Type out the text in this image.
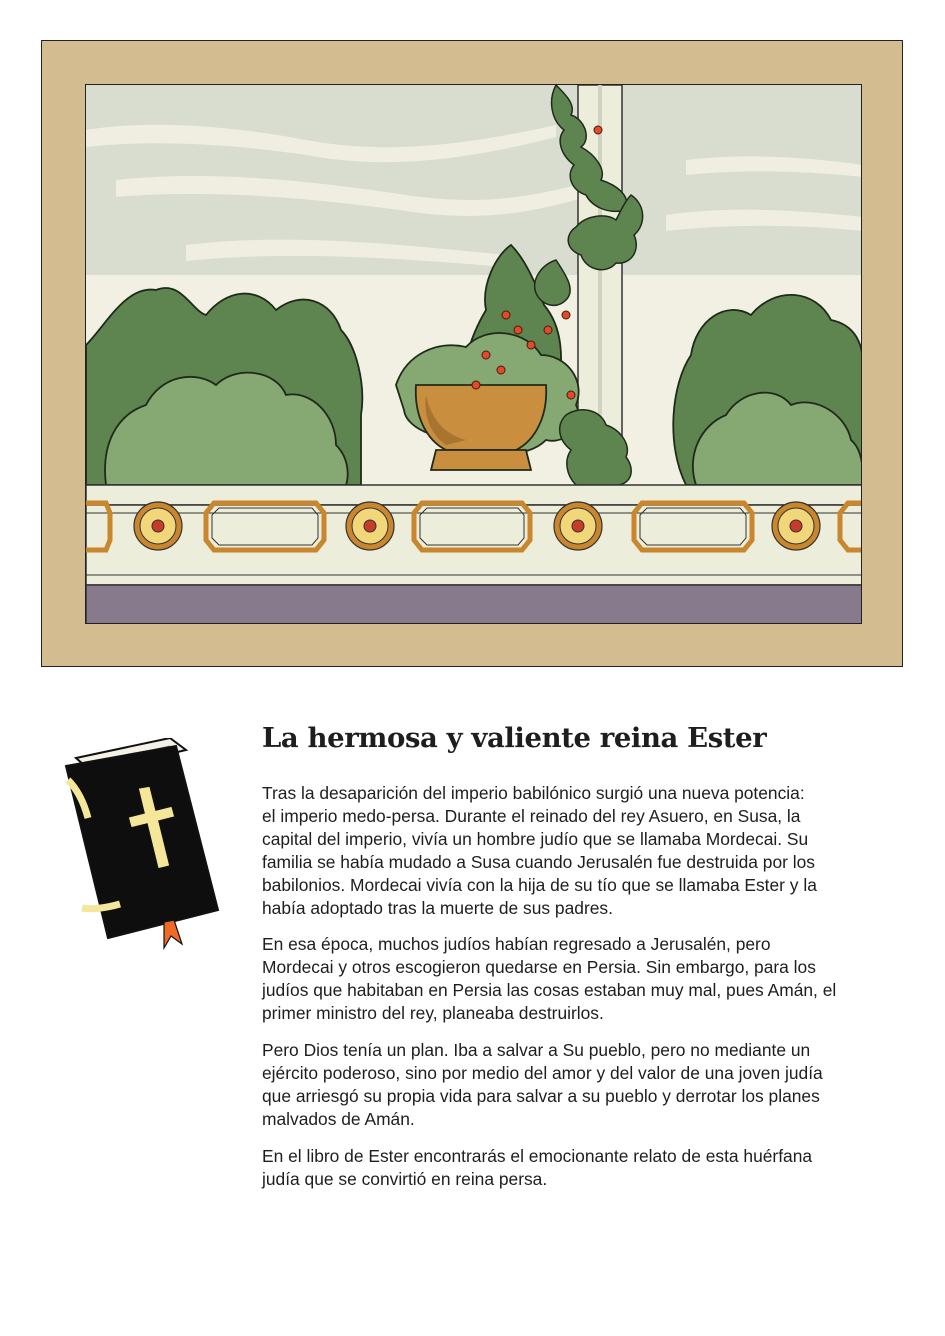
La hermosa y valiente reina Ester

Tras la desaparición del imperio babilónico surgió una nueva potencia:
el imperio medo-persa. Durante el reinado del rey Asuero, en Susa, la
capital del imperio, vivía un hombre judío que se llamaba Mordecai. Su
familia se había mudado a Susa cuando Jerusalén fue destruida por los
babilonios. Mordecai vivía con la hija de su tío que se llamaba Ester y la
había adoptado tras la muerte de sus padres.

En esa época, muchos judíos habían regresado a Jerusalén, pero
Mordecai y otros escogieron quedarse en Persia. Sin embargo, para los
judíos que habitaban en Persia las cosas estaban muy mal, pues Amán, el
primer ministro del rey, planeaba destruirlos.

Pero Dios tenía un plan. Iba a salvar a Su pueblo, pero no mediante un
ejército poderoso, sino por medio del amor y del valor de una joven judía
que arriesgó su propia vida para salvar a su pueblo y derrotar los planes
malvados de Amán.

En el libro de Ester encontrarás el emocionante relato de esta huérfana
judía que se convirtió en reina persa.
